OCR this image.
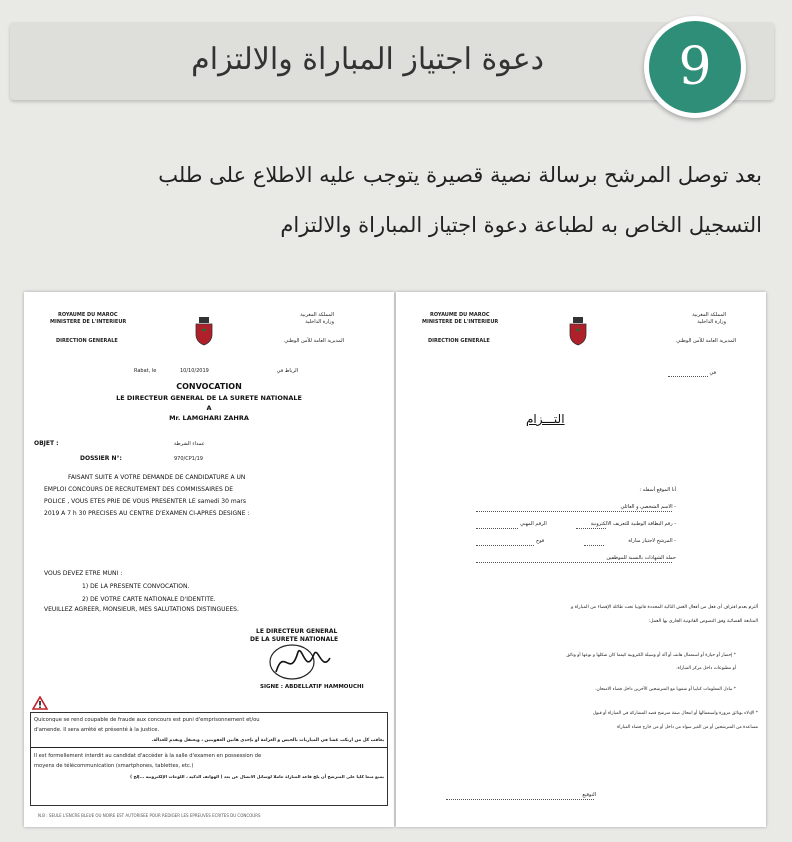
دعوة اجتياز المباراة والالتزام	9
بعد توصل المرشح برسالة نصية قصيرة يتوجب عليه الاطلاع على طلب
التسجيل الخاص به لطباعة دعوة اجتياز المباراة والالتزام
ROYAUME DU MAROC
MINISTERE DE L'INTERIEUR
DIRECTION GENERALE
المملكة المغربية
وزارة الداخلية
المديرية العامة للأمن الوطني
Rabat, le	10/10/2019	الرباط في
CONVOCATION
LE DIRECTEUR GENERAL DE LA SURETE NATIONALE
A
Mr. LAMGHARI ZAHRA
OBJET :	عمداء الشرطة
DOSSIER N°:	970/CP1/19
FAISANT SUITE A VOTRE DEMANDE DE CANDIDATURE A UN
EMPLOI CONCOURS DE RECRUTEMENT DES COMMISSAIRES DE
POLICE , VOUS ETES PRIE DE VOUS PRESENTER LE samedi 30 mars
2019 A 7 h 30 PRECISES AU CENTRE D'EXAMEN CI-APRES DESIGNE :
VOUS DEVEZ ETRE MUNI :
1) DE LA PRESENTE CONVOCATION.
2) DE VOTRE CARTE NATIONALE D'IDENTITE.
VEUILLEZ AGREER, MONSIEUR, MES SALUTATIONS DISTINGUEES.
LE DIRECTEUR GENERAL
DE LA SURETE NATIONALE
SIGNE : ABDELLATIF HAMMOUCHI
Quiconque se rend coupable de fraude aux concours est puni d'emprisonnement et/ou
d'amende. Il sera arrêté et présenté à la justice.
يعاقب كل من ارتكب غشا في المباريات بالحبس و الغرامة أو بإحدى هاتين العقوبتين ، ويعتقل ويقدم للعدالة.
Il est formellement interdit au candidat d'accéder à la salle d'examen en possession de
moyens de télécommunication (smartphones, tablettes, etc.)
يمنع منعا كليا على المترشح أن يلج قاعة المباراة حاملا لوسائل الاتصال عن بعد ( الهواتف الذكية ، اللوحات الإلكترونية ...إلخ )
N.B : SEULE L'ENCRE BLEUE OU NOIRE EST AUTORISEE POUR REDIGER LES EPREUVES ECRITES DU CONCOURS
ROYAUME DU MAROC
MINISTERE DE L'INTERIEUR
DIRECTION GENERALE
المملكة المغربية
وزارة الداخلية
المديرية العامة للأمن الوطني
في
التـــزام
أنا الموقع أسفله :
- الاسم الشخصي و العائلي
- رقم البطاقة الوطنية للتعريف الالكترونية
الرقم المهني
- المرشح لاجتياز مباراة
فوج
حملة الشهادات بالنسبة للموظفين
ألتزم بعدم اقتراف أي فعل من أفعال الغش التالية المحددة قانونيا تحت طائلة الإقصاء من المباراة و
المتابعة القضائية وفق النصوص القانونية الجاري بها العمل:
* إحضار أو حيازة أو استعمال هاتف أو آلة أو وسيلة الكترونية كيفما كان شكلها و نوعها أو وثائق
أو مطبوعات داخل مركز المباراة.
* تبادل المعلومات كتابيا أو شفويا مع المترشحين الآخرين داخل فضاء الامتحان.
* الإدلاء بوثائق مزورة واستعمالها أو انتحال صفة مترشح قصد المشاركة في المباراة أو قبول
مساعدة من المترشحين أو من الغير سواء من داخل أو من خارج فضاء المباراة
التوقيع
